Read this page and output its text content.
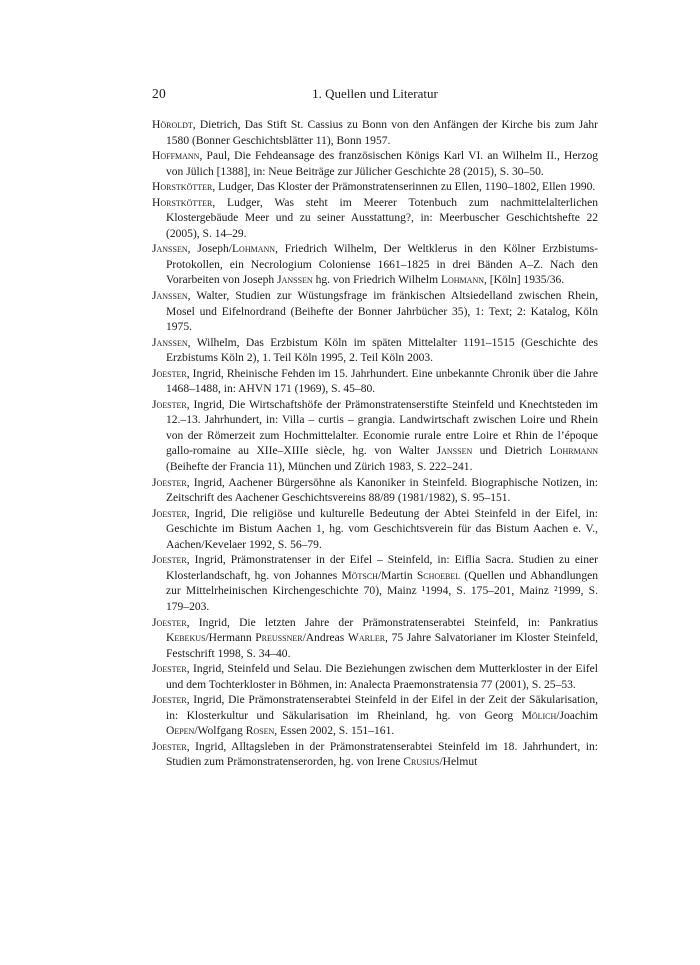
20	1. Quellen und Literatur
Höroldt, Dietrich, Das Stift St. Cassius zu Bonn von den Anfängen der Kirche bis zum Jahr 1580 (Bonner Geschichtsblätter 11), Bonn 1957.
Hoffmann, Paul, Die Fehdeansage des französischen Königs Karl VI. an Wilhelm II., Herzog von Jülich [1388], in: Neue Beiträge zur Jülicher Geschichte 28 (2015), S. 30–50.
Horstkötter, Ludger, Das Kloster der Prämonstratenserinnen zu Ellen, 1190–1802, Ellen 1990.
Horstkötter, Ludger, Was steht im Meerer Totenbuch zum nachmittelalterlichen Klostergebäude Meer und zu seiner Ausstattung?, in: Meerbuscher Geschichtshefte 22 (2005), S. 14–29.
Janssen, Joseph/Lohmann, Friedrich Wilhelm, Der Weltklerus in den Kölner Erzbistums-Protokollen, ein Necrologium Coloniense 1661–1825 in drei Bänden A–Z. Nach den Vorarbeiten von Joseph Janssen hg. von Friedrich Wilhelm Lohmann, [Köln] 1935/36.
Janssen, Walter, Studien zur Wüstungsfrage im fränkischen Altsiedelland zwischen Rhein, Mosel und Eifelnordrand (Beihefte der Bonner Jahrbücher 35), 1: Text; 2: Katalog, Köln 1975.
Janssen, Wilhelm, Das Erzbistum Köln im späten Mittelalter 1191–1515 (Geschichte des Erzbistums Köln 2), 1. Teil Köln 1995, 2. Teil Köln 2003.
Joester, Ingrid, Rheinische Fehden im 15. Jahrhundert. Eine unbekannte Chronik über die Jahre 1468–1488, in: AHVN 171 (1969), S. 45–80.
Joester, Ingrid, Die Wirtschaftshöfe der Prämonstratenserstifte Steinfeld und Knechtsteden im 12.–13. Jahrhundert, in: Villa – curtis – grangia. Landwirtschaft zwischen Loire und Rhein von der Römerzeit zum Hochmittelalter. Economie rurale entre Loire et Rhin de l’époque gallo-romaine au XIIe–XIIIe siècle, hg. von Walter Janssen und Dietrich Lohrmann (Beihefte der Francia 11), München und Zürich 1983, S. 222–241.
Joester, Ingrid, Aachener Bürgersöhne als Kanoniker in Steinfeld. Biographische Notizen, in: Zeitschrift des Aachener Geschichtsvereins 88/89 (1981/1982), S. 95–151.
Joester, Ingrid, Die religiöse und kulturelle Bedeutung der Abtei Steinfeld in der Eifel, in: Geschichte im Bistum Aachen 1, hg. vom Geschichtsverein für das Bistum Aachen e. V., Aachen/Kevelaer 1992, S. 56–79.
Joester, Ingrid, Prämonstratenser in der Eifel – Steinfeld, in: Eiflia Sacra. Studien zu einer Klosterlandschaft, hg. von Johannes Mötsch/Martin Schoebel (Quellen und Abhandlungen zur Mittelrheinischen Kirchengeschichte 70), Mainz ¹1994, S. 175–201, Mainz ²1999, S. 179–203.
Joester, Ingrid, Die letzten Jahre der Prämonstratenserabtei Steinfeld, in: Pankratius Kebekus/Hermann Preussner/Andreas Warler, 75 Jahre Salvatorianer im Kloster Steinfeld, Festschrift 1998, S. 34–40.
Joester, Ingrid, Steinfeld und Selau. Die Beziehungen zwischen dem Mutterkloster in der Eifel und dem Tochterkloster in Böhmen, in: Analecta Praemonstratensia 77 (2001), S. 25–53.
Joester, Ingrid, Die Prämonstratenserabtei Steinfeld in der Eifel in der Zeit der Säkularisation, in: Klosterkultur und Säkularisation im Rheinland, hg. von Georg Mölich/Joachim Oepen/Wolfgang Rosen, Essen 2002, S. 151–161.
Joester, Ingrid, Alltagsleben in der Prämonstratenserabtei Steinfeld im 18. Jahrhundert, in: Studien zum Prämonstratenserorden, hg. von Irene Crusius/Helmut
